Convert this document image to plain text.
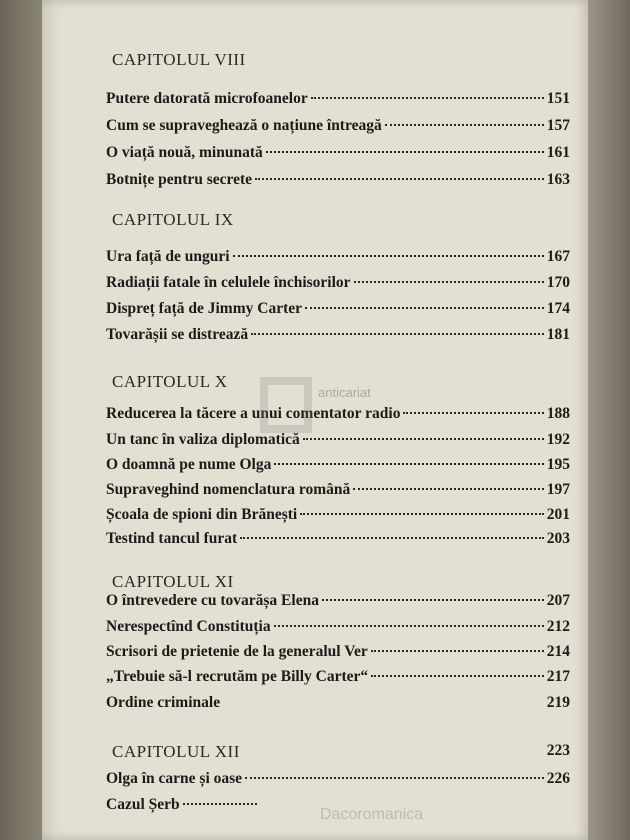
CAPITOLUL VIII
Putere datorată microfoanelor	151
Cum se supraveghează o națiune întreagă	157
O viață nouă, minunată	161
Botnițe pentru secrete	163
CAPITOLUL IX
Ura față de unguri	167
Radiații fatale în celulele închisorilor	170
Dispreț față de Jimmy Carter	174
Tovarășii se distrează	181
CAPITOLUL X
Reducerea la tăcere a unui comentator radio	188
Un tanc în valiza diplomatică	192
O doamnă pe nume Olga	195
Supraveghind nomenclatura română	197
Școala de spioni din Brănești	201
Testind tancul furat	203
CAPITOLUL XI
O întrevedere cu tovarășa Elena	207
Nerespectînd Constituția	212
Scrisori de prietenie de la generalul Ver	214
„Trebuie să-l recrutăm pe Billy Carter“	217
Ordine criminale	219
CAPITOLUL XII	223
Olga în carne și oase	226
Cazul Șerb
anticariat
Dacoromanica
